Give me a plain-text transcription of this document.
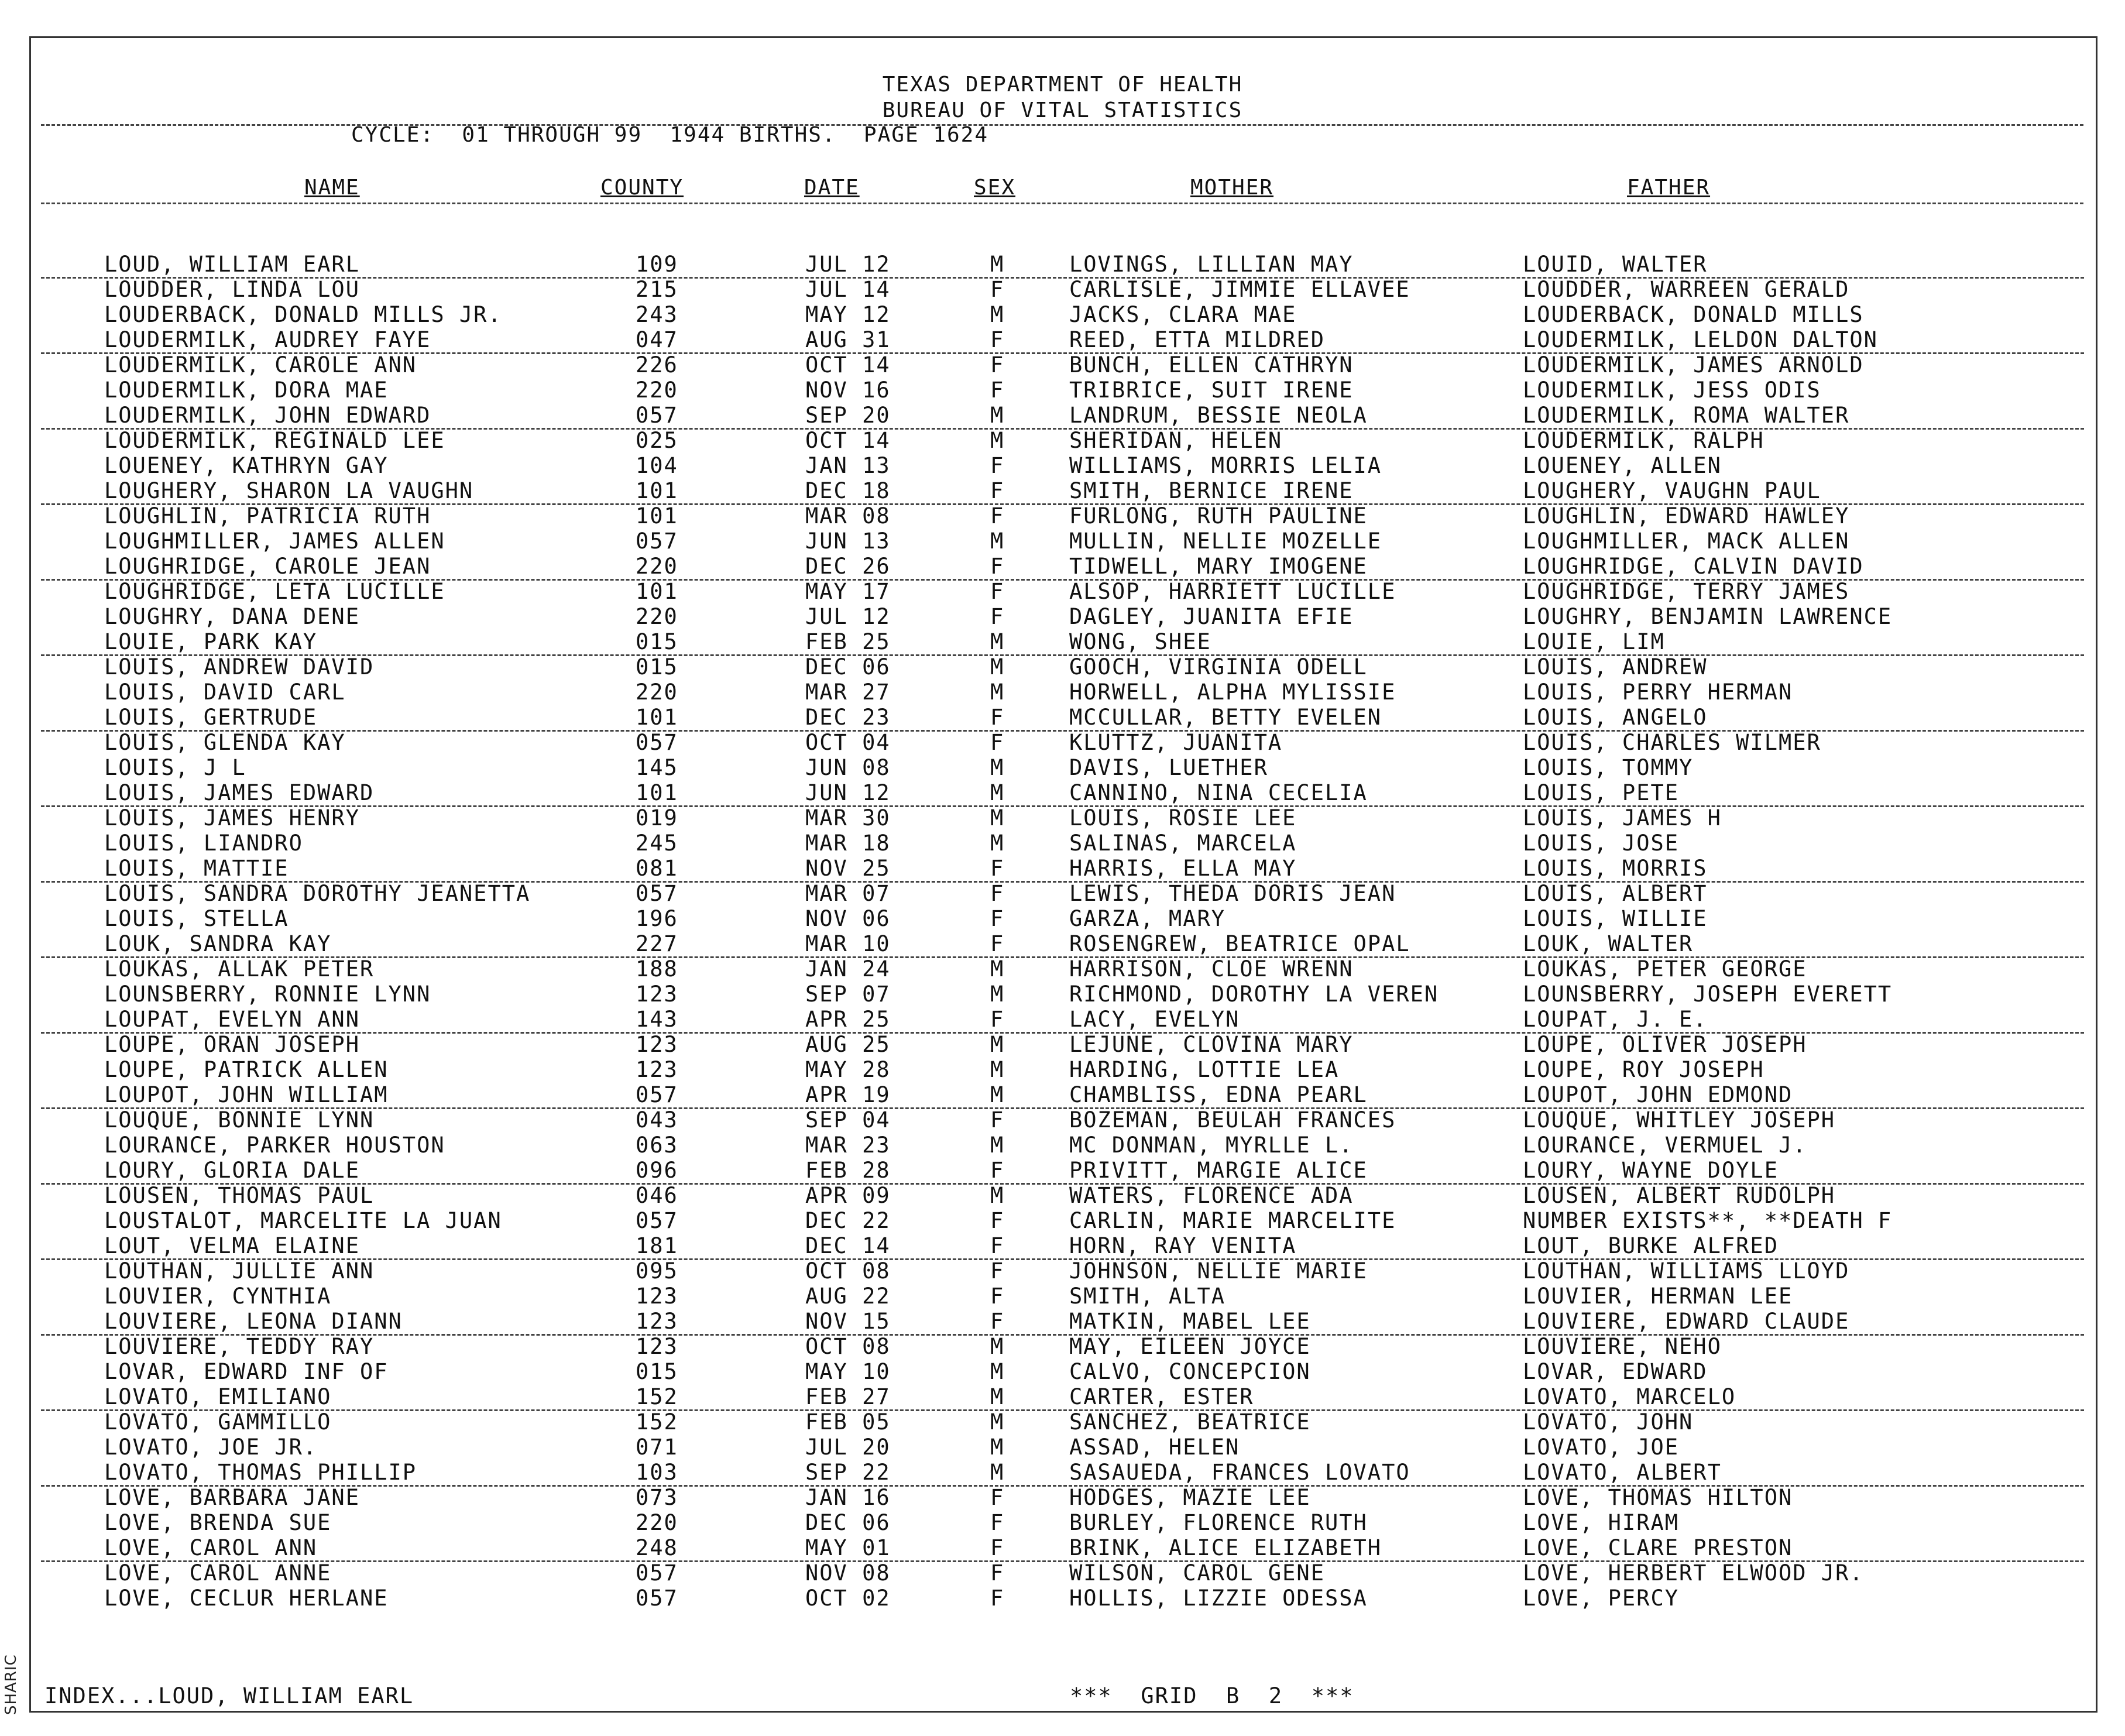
SHARIC
TEXAS DEPARTMENT OF HEALTH
BUREAU OF VITAL STATISTICS
CYCLE:  01 THROUGH 99  1944 BIRTHS.  PAGE 1624
NAME	COUNTY	DATE	SEX	MOTHER	FATHER
LOUD, WILLIAM EARL	109	JUL 12	M	LOVINGS, LILLIAN MAY	LOUID, WALTER
LOUDDER, LINDA LOU	215	JUL 14	F	CARLISLE, JIMMIE ELLAVEE	LOUDDER, WARREEN GERALD
LOUDERBACK, DONALD MILLS JR.	243	MAY 12	M	JACKS, CLARA MAE	LOUDERBACK, DONALD MILLS
LOUDERMILK, AUDREY FAYE	047	AUG 31	F	REED, ETTA MILDRED	LOUDERMILK, LELDON DALTON
LOUDERMILK, CAROLE ANN	226	OCT 14	F	BUNCH, ELLEN CATHRYN	LOUDERMILK, JAMES ARNOLD
LOUDERMILK, DORA MAE	220	NOV 16	F	TRIBRICE, SUIT IRENE	LOUDERMILK, JESS ODIS
LOUDERMILK, JOHN EDWARD	057	SEP 20	M	LANDRUM, BESSIE NEOLA	LOUDERMILK, ROMA WALTER
LOUDERMILK, REGINALD LEE	025	OCT 14	M	SHERIDAN, HELEN	LOUDERMILK, RALPH
LOUENEY, KATHRYN GAY	104	JAN 13	F	WILLIAMS, MORRIS LELIA	LOUENEY, ALLEN
LOUGHERY, SHARON LA VAUGHN	101	DEC 18	F	SMITH, BERNICE IRENE	LOUGHERY, VAUGHN PAUL
LOUGHLIN, PATRICIA RUTH	101	MAR 08	F	FURLONG, RUTH PAULINE	LOUGHLIN, EDWARD HAWLEY
LOUGHMILLER, JAMES ALLEN	057	JUN 13	M	MULLIN, NELLIE MOZELLE	LOUGHMILLER, MACK ALLEN
LOUGHRIDGE, CAROLE JEAN	220	DEC 26	F	TIDWELL, MARY IMOGENE	LOUGHRIDGE, CALVIN DAVID
LOUGHRIDGE, LETA LUCILLE	101	MAY 17	F	ALSOP, HARRIETT LUCILLE	LOUGHRIDGE, TERRY JAMES
LOUGHRY, DANA DENE	220	JUL 12	F	DAGLEY, JUANITA EFIE	LOUGHRY, BENJAMIN LAWRENCE
LOUIE, PARK KAY	015	FEB 25	M	WONG, SHEE	LOUIE, LIM
LOUIS, ANDREW DAVID	015	DEC 06	M	GOOCH, VIRGINIA ODELL	LOUIS, ANDREW
LOUIS, DAVID CARL	220	MAR 27	M	HORWELL, ALPHA MYLISSIE	LOUIS, PERRY HERMAN
LOUIS, GERTRUDE	101	DEC 23	F	MCCULLAR, BETTY EVELEN	LOUIS, ANGELO
LOUIS, GLENDA KAY	057	OCT 04	F	KLUTTZ, JUANITA	LOUIS, CHARLES WILMER
LOUIS, J L	145	JUN 08	M	DAVIS, LUETHER	LOUIS, TOMMY
LOUIS, JAMES EDWARD	101	JUN 12	M	CANNINO, NINA CECELIA	LOUIS, PETE
LOUIS, JAMES HENRY	019	MAR 30	M	LOUIS, ROSIE LEE	LOUIS, JAMES H
LOUIS, LIANDRO	245	MAR 18	M	SALINAS, MARCELA	LOUIS, JOSE
LOUIS, MATTIE	081	NOV 25	F	HARRIS, ELLA MAY	LOUIS, MORRIS
LOUIS, SANDRA DOROTHY JEANETTA	057	MAR 07	F	LEWIS, THEDA DORIS JEAN	LOUIS, ALBERT
LOUIS, STELLA	196	NOV 06	F	GARZA, MARY	LOUIS, WILLIE
LOUK, SANDRA KAY	227	MAR 10	F	ROSENGREW, BEATRICE OPAL	LOUK, WALTER
LOUKAS, ALLAK PETER	188	JAN 24	M	HARRISON, CLOE WRENN	LOUKAS, PETER GEORGE
LOUNSBERRY, RONNIE LYNN	123	SEP 07	M	RICHMOND, DOROTHY LA VEREN	LOUNSBERRY, JOSEPH EVERETT
LOUPAT, EVELYN ANN	143	APR 25	F	LACY, EVELYN	LOUPAT, J. E.
LOUPE, ORAN JOSEPH	123	AUG 25	M	LEJUNE, CLOVINA MARY	LOUPE, OLIVER JOSEPH
LOUPE, PATRICK ALLEN	123	MAY 28	M	HARDING, LOTTIE LEA	LOUPE, ROY JOSEPH
LOUPOT, JOHN WILLIAM	057	APR 19	M	CHAMBLISS, EDNA PEARL	LOUPOT, JOHN EDMOND
LOUQUE, BONNIE LYNN	043	SEP 04	F	BOZEMAN, BEULAH FRANCES	LOUQUE, WHITLEY JOSEPH
LOURANCE, PARKER HOUSTON	063	MAR 23	M	MC DONMAN, MYRLLE L.	LOURANCE, VERMUEL J.
LOURY, GLORIA DALE	096	FEB 28	F	PRIVITT, MARGIE ALICE	LOURY, WAYNE DOYLE
LOUSEN, THOMAS PAUL	046	APR 09	M	WATERS, FLORENCE ADA	LOUSEN, ALBERT RUDOLPH
LOUSTALOT, MARCELITE LA JUAN	057	DEC 22	F	CARLIN, MARIE MARCELITE	NUMBER EXISTS**, **DEATH F
LOUT, VELMA ELAINE	181	DEC 14	F	HORN, RAY VENITA	LOUT, BURKE ALFRED
LOUTHAN, JULLIE ANN	095	OCT 08	F	JOHNSON, NELLIE MARIE	LOUTHAN, WILLIAMS LLOYD
LOUVIER, CYNTHIA	123	AUG 22	F	SMITH, ALTA	LOUVIER, HERMAN LEE
LOUVIERE, LEONA DIANN	123	NOV 15	F	MATKIN, MABEL LEE	LOUVIERE, EDWARD CLAUDE
LOUVIERE, TEDDY RAY	123	OCT 08	M	MAY, EILEEN JOYCE	LOUVIERE, NEHO
LOVAR, EDWARD INF OF	015	MAY 10	M	CALVO, CONCEPCION	LOVAR, EDWARD
LOVATO, EMILIANO	152	FEB 27	M	CARTER, ESTER	LOVATO, MARCELO
LOVATO, GAMMILLO	152	FEB 05	M	SANCHEZ, BEATRICE	LOVATO, JOHN
LOVATO, JOE JR.	071	JUL 20	M	ASSAD, HELEN	LOVATO, JOE
LOVATO, THOMAS PHILLIP	103	SEP 22	M	SASAUEDA, FRANCES LOVATO	LOVATO, ALBERT
LOVE, BARBARA JANE	073	JAN 16	F	HODGES, MAZIE LEE	LOVE, THOMAS HILTON
LOVE, BRENDA SUE	220	DEC 06	F	BURLEY, FLORENCE RUTH	LOVE, HIRAM
LOVE, CAROL ANN	248	MAY 01	F	BRINK, ALICE ELIZABETH	LOVE, CLARE PRESTON
LOVE, CAROL ANNE	057	NOV 08	F	WILSON, CAROL GENE	LOVE, HERBERT ELWOOD JR.
LOVE, CECLUR HERLANE	057	OCT 02	F	HOLLIS, LIZZIE ODESSA	LOVE, PERCY
INDEX...LOUD, WILLIAM EARL	***  GRID  B  2  ***
